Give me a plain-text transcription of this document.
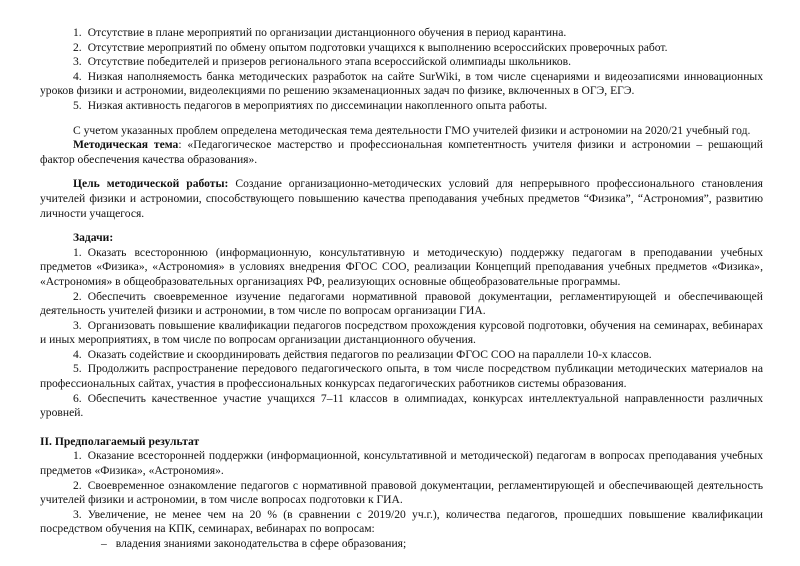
1. Отсутствие в плане мероприятий по организации дистанционного обучения в период карантина.

2. Отсутствие мероприятий по обмену опытом подготовки учащихся к выполнению всероссийских проверочных работ.

3. Отсутствие победителей и призеров регионального этапа всероссийской олимпиады школьников.

4. Низкая наполняемость банка методических разработок на сайте SurWiki, в том числе сценариями и видеозаписями инновационных уроков физики и астрономии, видеолекциями по решению экзаменационных задач по физике, включенных в ОГЭ, ЕГЭ.

5. Низкая активность педагогов в мероприятиях по диссеминации накопленного опыта работы.

С учетом указанных проблем определена методическая тема деятельности ГМО учителей физики и астрономии на 2020/21 учебный год.

Методическая тема: «Педагогическое мастерство и профессиональная компетентность учителя физики и астрономии – решающий фактор обеспечения качества образования».

Цель методической работы: Создание организационно-методических условий для непрерывного профессионального становления учителей физики и астрономии, способствующего повышению качества преподавания учебных предметов “Физика”, “Астрономия”, развитию личности учащегося.

Задачи:

1. Оказать всестороннюю (информационную, консультативную и методическую) поддержку педагогам в преподавании учебных предметов «Физика», «Астрономия» в условиях внедрения ФГОС СОО, реализации Концепций преподавания учебных предметов «Физика», «Астрономия» в общеобразовательных организациях РФ, реализующих основные общеобразовательные программы.

2. Обеспечить своевременное изучение педагогами нормативной правовой документации, регламентирующей и обеспечивающей деятельность учителей физики и астрономии, в том числе по вопросам организации ГИА.

3. Организовать повышение квалификации педагогов посредством прохождения курсовой подготовки, обучения на семинарах, вебинарах и иных мероприятиях, в том числе по вопросам организации дистанционного обучения.

4. Оказать содействие и скоординировать действия педагогов по реализации ФГОС СОО на параллели 10-х классов.

5. Продолжить распространение передового педагогического опыта, в том числе посредством публикации методических материалов на профессиональных сайтах, участия в профессиональных конкурсах педагогических работников системы образования.

6. Обеспечить качественное участие учащихся 7–11 классов в олимпиадах, конкурсах интеллектуальной направленности различных уровней.

II. Предполагаемый результат

1. Оказание всесторонней поддержки (информационной, консультативной и методической) педагогам в вопросах преподавания учебных предметов «Физика», «Астрономия».

2. Своевременное ознакомление педагогов с нормативной правовой документации, регламентирующей и обеспечивающей деятельность учителей физики и астрономии, в том числе вопросах подготовки к ГИА.

3. Увеличение, не менее чем на 20 % (в сравнении с 2019/20 уч.г.), количества педагогов, прошедших повышение квалификации посредством обучения на КПК, семинарах, вебинарах по вопросам:

– владения знаниями законодательства в сфере образования;
